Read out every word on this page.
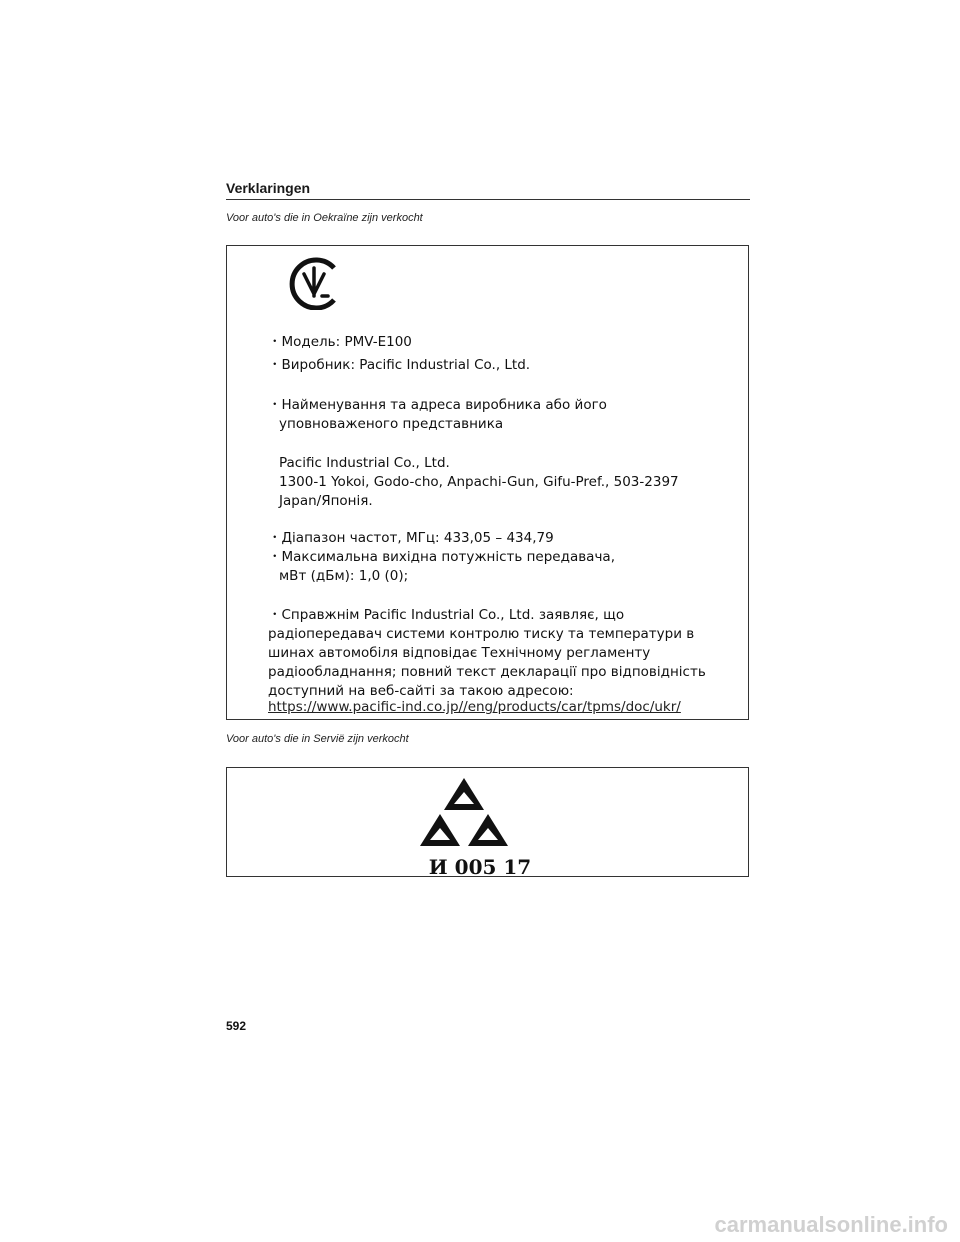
Verklaringen
Voor auto's die in Oekraïne zijn verkocht
・Модель: PMV-E100
・Виробник: Pacific Industrial Co., Ltd.
・Найменування та адреса виробника або його
уповноваженого представника
Pacific Industrial Co., Ltd.
1300-1 Yokoi, Godo-cho, Anpachi-Gun, Gifu-Pref., 503-2397
Japan/Японія.
・Діапазон частот, МГц: 433,05 – 434,79
・Максимальна вихідна потужність передавача,
мВт (дБм): 1,0 (0);
・Справжнім Pacific Industrial Co., Ltd. заявляє, що
радіопередавач системи контролю тиску та температури в
шинах автомобіля відповідає Технічному регламенту
радіообладнання; повний текст декларації про відповідність
доступний на веб-сайті за такою адресою:
https://www.pacific-ind.co.jp//eng/products/car/tpms/doc/ukr/
Voor auto's die in Servië zijn verkocht
И 005 17
592
carmanualsonline.info
